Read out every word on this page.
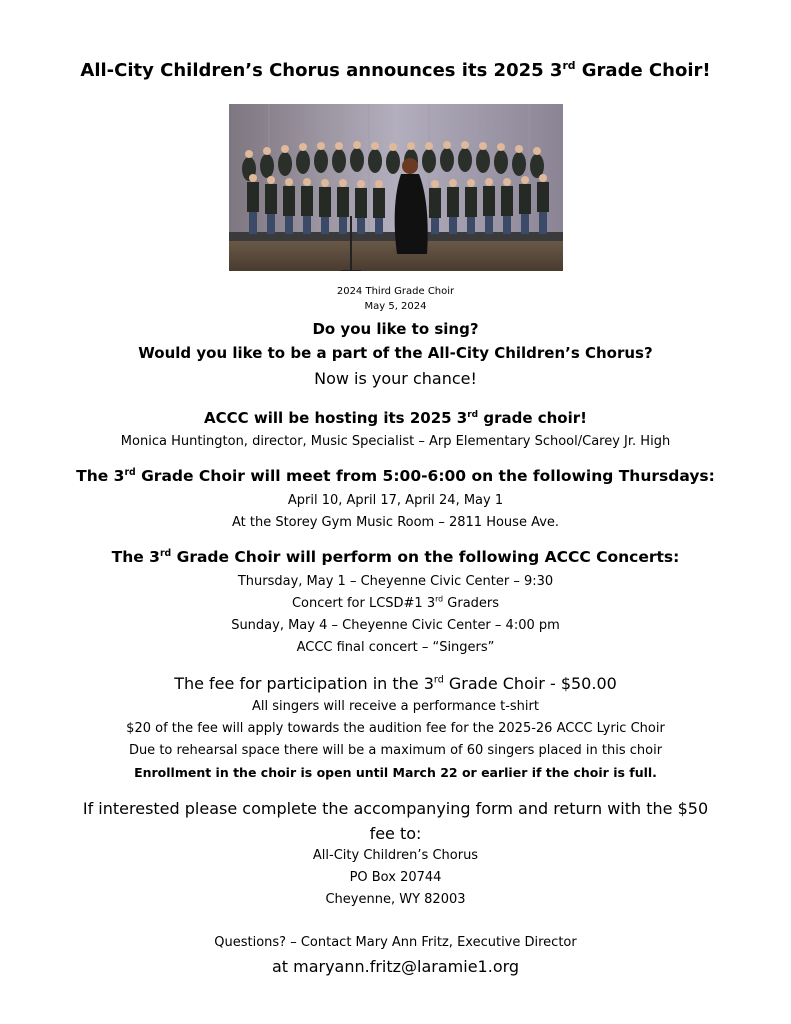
All-City Children’s Chorus announces its 2025 3rd Grade Choir!
2024 Third Grade Choir
May 5, 2024
Do you like to sing?
Would you like to be a part of the All-City Children’s Chorus?
Now is your chance!
ACCC will be hosting its 2025 3rd grade choir!
Monica Huntington, director, Music Specialist – Arp Elementary School/Carey Jr. High
The 3rd Grade Choir will meet from 5:00-6:00 on the following Thursdays:
April 10, April 17, April 24, May 1
At the Storey Gym Music Room – 2811 House Ave.
The 3rd Grade Choir will perform on the following ACCC Concerts:
Thursday, May 1 – Cheyenne Civic Center – 9:30
Concert for LCSD#1 3rd Graders
Sunday, May 4 – Cheyenne Civic Center – 4:00 pm
ACCC final concert – “Singers”
The fee for participation in the 3rd Grade Choir - $50.00
All singers will receive a performance t-shirt
$20 of the fee will apply towards the audition fee for the 2025-26 ACCC Lyric Choir
Due to rehearsal space there will be a maximum of 60 singers placed in this choir
Enrollment in the choir is open until March 22 or earlier if the choir is full.
If interested please complete the accompanying form and return with the $50
fee to:
All-City Children’s Chorus
PO Box 20744
Cheyenne, WY 82003
Questions? – Contact Mary Ann Fritz, Executive Director
at maryann.fritz@laramie1.org
